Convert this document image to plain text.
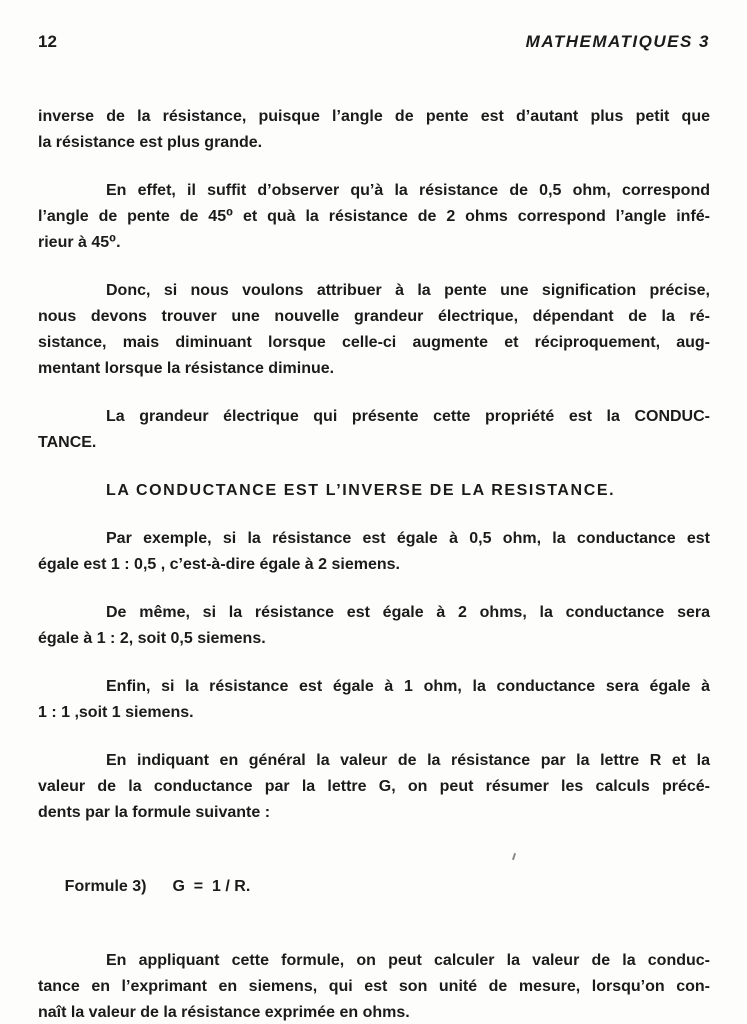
12	MATHEMATIQUES 3
inverse de la résistance, puisque l’angle de pente est d’autant plus petit que
la résistance est plus grande.
En effet, il suffit d’observer qu’à la résistance de 0,5 ohm, correspond
l’angle de pente de 45⁰ et quà la résistance de 2 ohms correspond l’angle infé-
rieur à 45⁰.
Donc, si nous voulons attribuer à la pente une signification précise,
nous devons trouver une nouvelle grandeur électrique, dépendant de la ré-
sistance, mais diminuant lorsque celle-ci augmente et réciproquement, aug-
mentant lorsque la résistance diminue.
La grandeur électrique qui présente cette propriété est la CONDUC-
TANCE.
LA CONDUCTANCE EST L’INVERSE DE LA RESISTANCE.
Par exemple, si la résistance est égale à 0,5 ohm, la conductance est
égale est 1 : 0,5 , c’est-à-dire égale à 2 siemens.
De même, si la résistance est égale à 2 ohms, la conductance sera
égale à 1 : 2, soit 0,5 siemens.
Enfin, si la résistance est égale à 1 ohm, la conductance sera égale à
1 : 1 ,soit 1 siemens.
En indiquant en général la valeur de la résistance par la lettre R et la
valeur de la conductance par la lettre G, on peut résumer les calculs précé-
dents par la formule suivante :

Formule 3) G  =  1 / R.

En appliquant cette formule, on peut calculer la valeur de la conduc-
tance en l’exprimant en siemens, qui est son unité de mesure, lorsqu’on con-
naît la valeur de la résistance exprimée en ohms.
